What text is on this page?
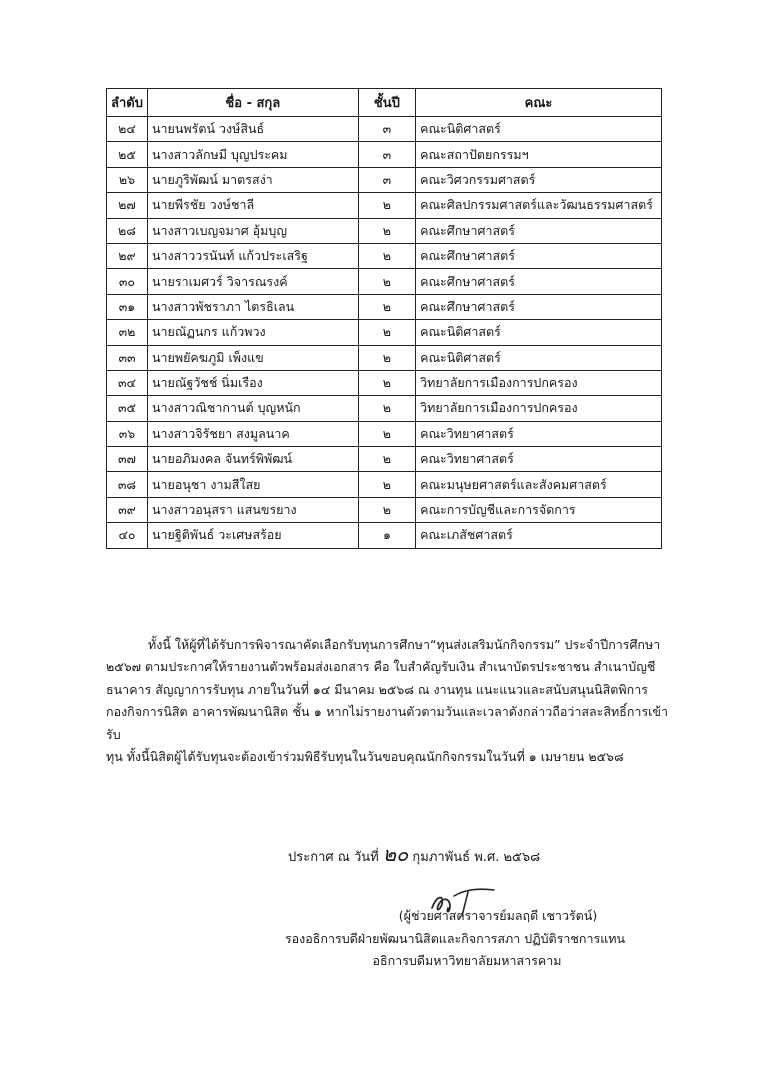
ลำดับ	ชื่อ - สกุล	ชั้นปี	คณะ
๒๔	นายนพรัตน์ วงษ์สินธ์	๓	คณะนิติศาสตร์
๒๕	นางสาวลักษมี บุญประคม	๓	คณะสถาปัตยกรรมฯ
๒๖	นายภูริพัฒน์ มาตรสง่า	๓	คณะวิศวกรรมศาสตร์
๒๗	นายพีรชัย วงษ์ชาลี	๒	คณะศิลปกรรมศาสตร์และวัฒนธรรมศาสตร์
๒๘	นางสาวเบญจมาศ อุ้มบุญ	๒	คณะศึกษาศาสตร์
๒๙	นางสาววรนันท์ แก้วประเสริฐ	๒	คณะศึกษาศาสตร์
๓๐	นายราเมศวร์ วิจารณรงค์	๒	คณะศึกษาศาสตร์
๓๑	นางสาวพัชราภา ไตรธิเลน	๒	คณะศึกษาศาสตร์
๓๒	นายณัฏนกร แก้วพวง	๒	คณะนิติศาสตร์
๓๓	นายพยัคฆภูมิ เพ็งแข	๒	คณะนิติศาสตร์
๓๔	นายณัฐวัชช์ นิ่มเรือง	๒	วิทยาลัยการเมืองการปกครอง
๓๕	นางสาวณิชากานต์ บุญหนัก	๒	วิทยาลัยการเมืองการปกครอง
๓๖	นางสาวจิรัชยา สงมูลนาค	๒	คณะวิทยาศาสตร์
๓๗	นายอภิมงคล จันทร์พิพัฒน์	๒	คณะวิทยาศาสตร์
๓๘	นายอนุชา งามสีใสย	๒	คณะมนุษยศาสตร์และสังคมศาสตร์
๓๙	นางสาวอนุสรา แสนขรยาง	๒	คณะการบัญชีและการจัดการ
๔๐	นายฐิติพันธ์ วะเศษสร้อย	๑	คณะเภสัชศาสตร์

ทั้งนี้ ให้ผู้ที่ได้รับการพิจารณาคัดเลือกรับทุนการศึกษา“ทุนส่งเสริมนักกิจกรรม” ประจำปีการศึกษา

๒๕๖๗ ตามประกาศให้รายงานตัวพร้อมส่งเอกสาร คือ ใบสำคัญรับเงิน สำเนาบัตรประชาชน สำเนาบัญชี

ธนาคาร สัญญาการรับทุน ภายในวันที่ ๑๔ มีนาคม ๒๕๖๘ ณ งานทุน แนะแนวและสนับสนุนนิสิตพิการ

กองกิจการนิสิต อาคารพัฒนานิสิต ชั้น ๑ หากไม่รายงานตัวตามวันและเวลาดังกล่าวถือว่าสละสิทธิ์การเข้ารับ

ทุน ทั้งนี้นิสิตผู้ได้รับทุนจะต้องเข้าร่วมพิธีรับทุนในวันขอบคุณนักกิจกรรมในวันที่ ๑ เมษายน ๒๕๖๘

ประกาศ ณ วันที่ ๒๐ กุมภาพันธ์ พ.ศ. ๒๕๖๘
(ผู้ช่วยศาสตราจารย์มลฤดี เชาวรัตน์)
รองอธิการบดีฝ่ายพัฒนานิสิตและกิจการสภา ปฏิบัติราชการแทน
อธิการบดีมหาวิทยาลัยมหาสารคาม
